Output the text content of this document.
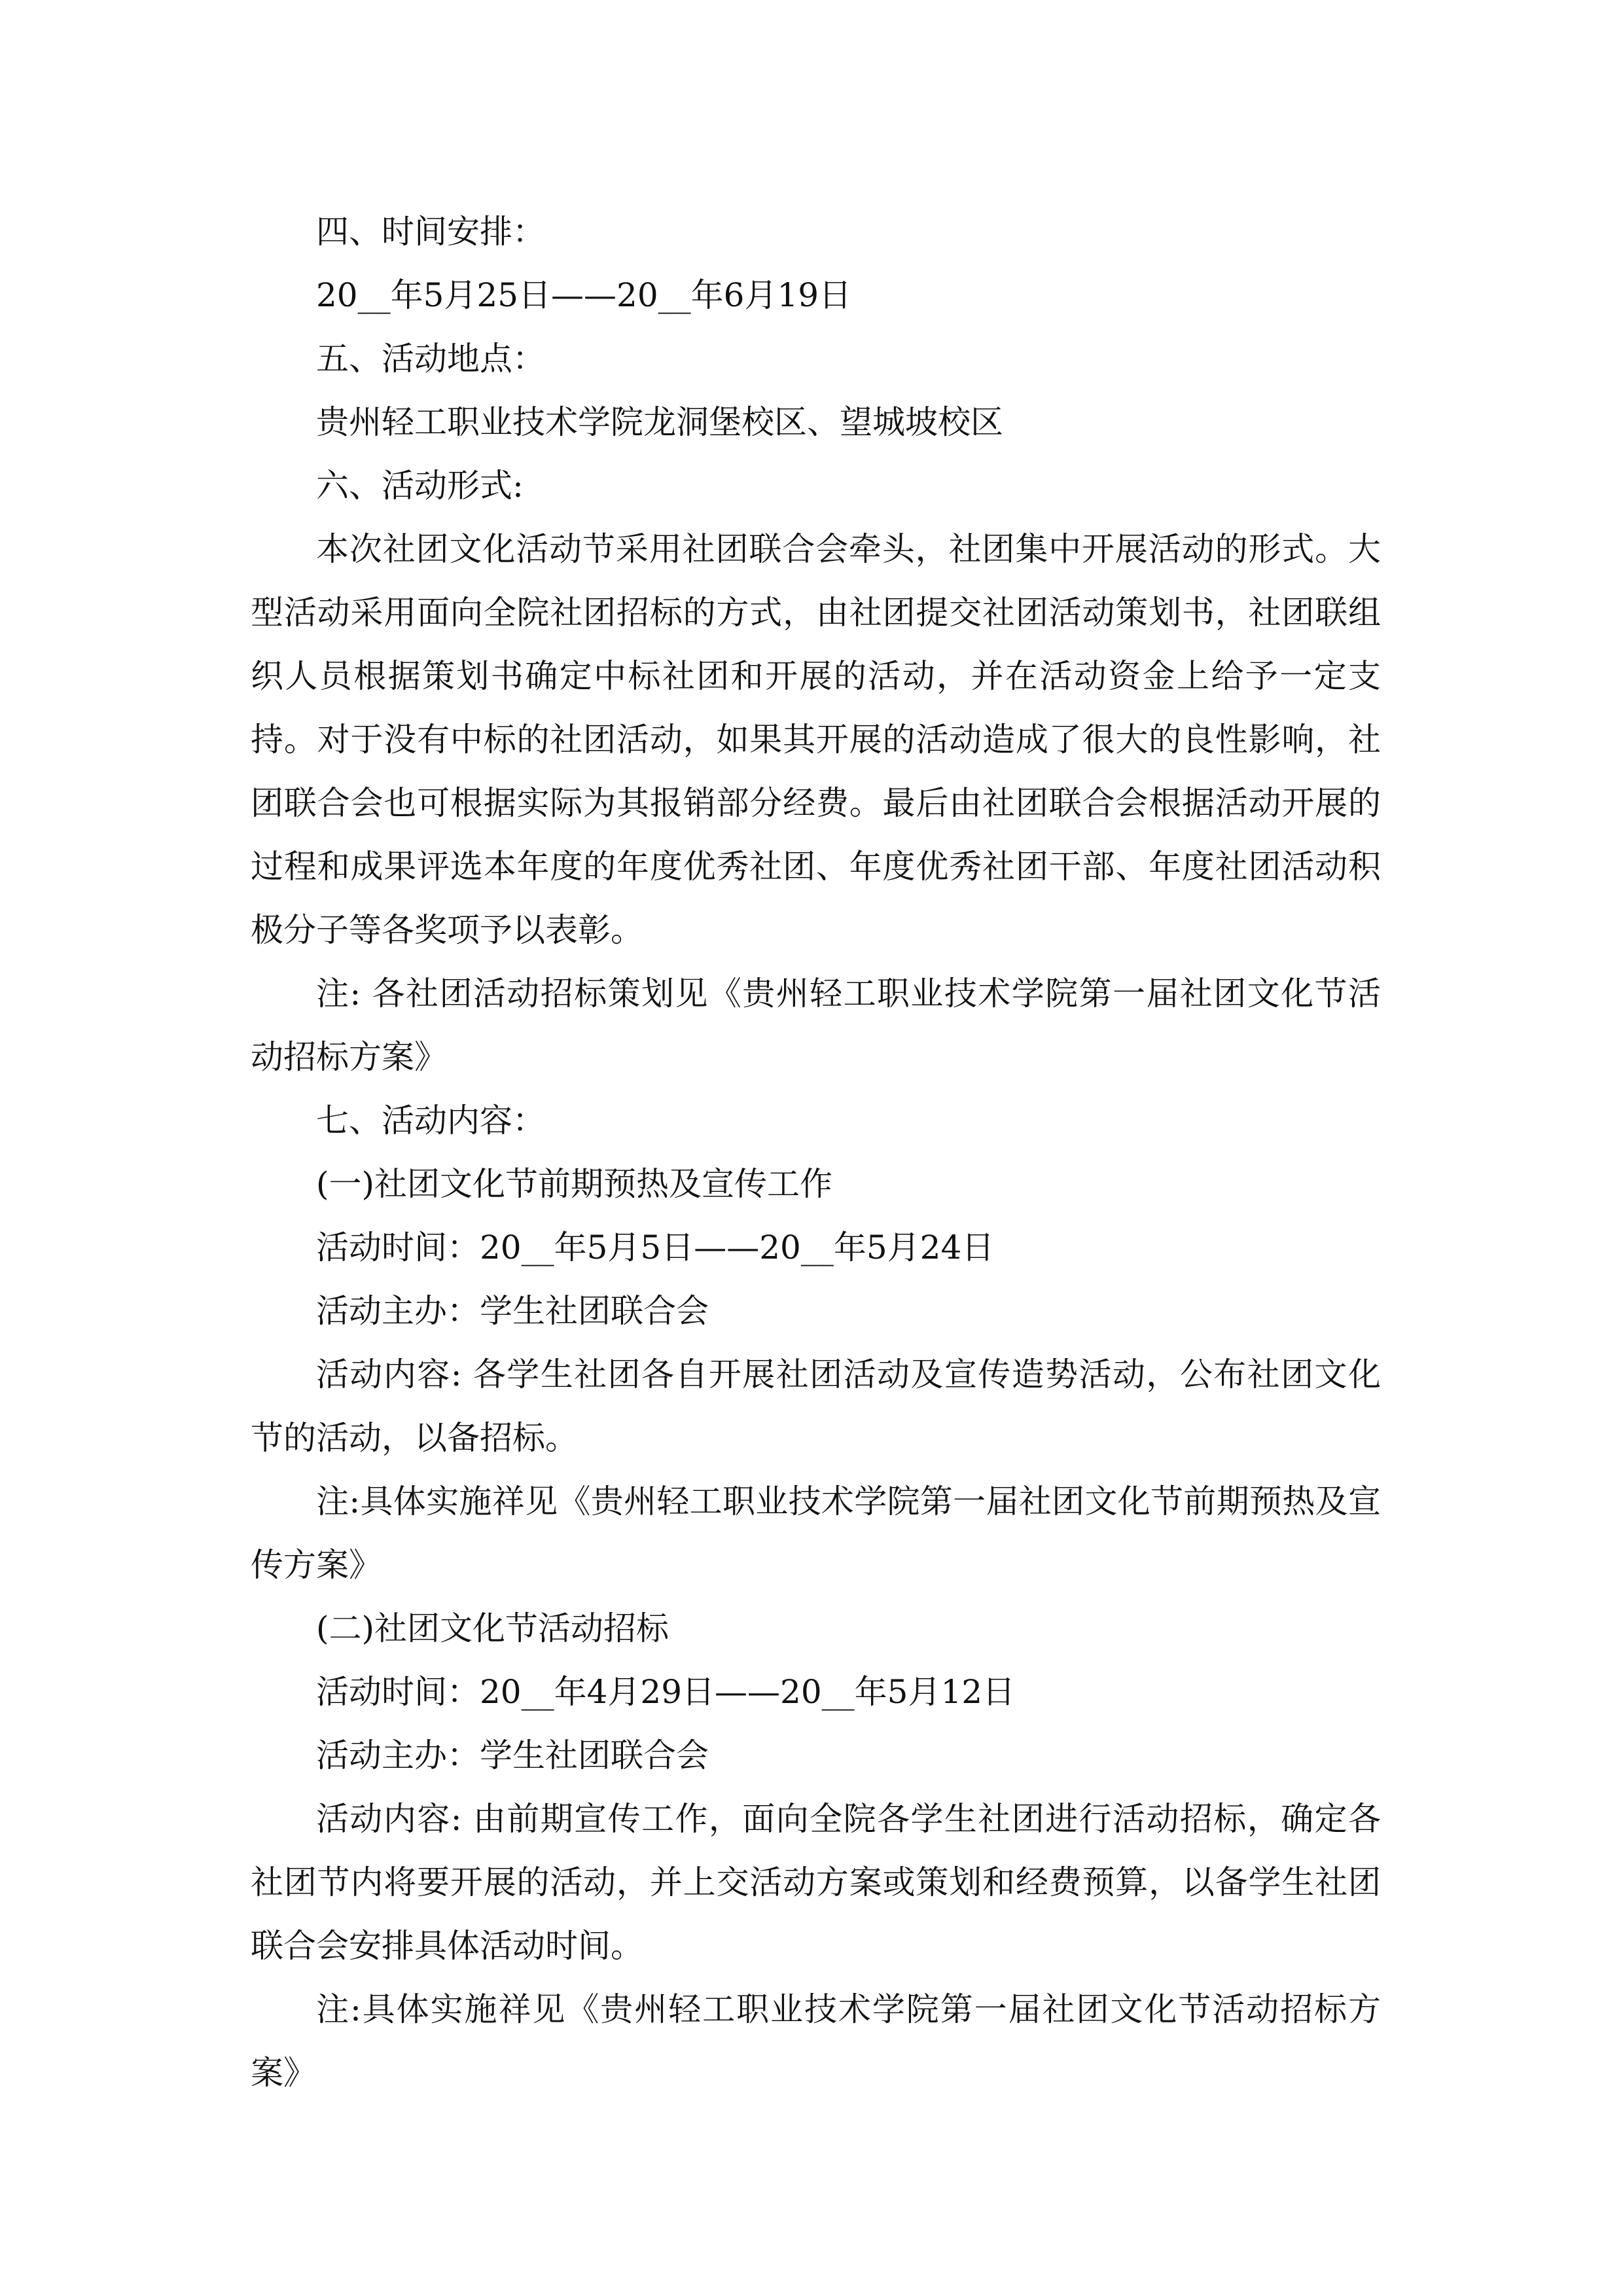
四、时间安排：

20__年5月25日——20__年6月19日

五、活动地点：

贵州轻工职业技术学院龙洞堡校区、望城坡校区

六、活动形式:

本次社团文化活动节采用社团联合会牵头，社团集中开展活动的形式。大型活动采用面向全院社团招标的方式，由社团提交社团活动策划书，社团联组织人员根据策划书确定中标社团和开展的活动，并在活动资金上给予一定支持。对于没有中标的社团活动，如果其开展的活动造成了很大的良性影响，社团联合会也可根据实际为其报销部分经费。最后由社团联合会根据活动开展的过程和成果评选本年度的年度优秀社团、年度优秀社团干部、年度社团活动积极分子等各奖项予以表彰。

注: 各社团活动招标策划见《贵州轻工职业技术学院第一届社团文化节活动招标方案》

七、活动内容：

(一)社团文化节前期预热及宣传工作

活动时间：20__年5月5日——20__年5月24日

活动主办：学生社团联合会

活动内容: 各学生社团各自开展社团活动及宣传造势活动，公布社团文化节的活动，以备招标。

注:具体实施祥见《贵州轻工职业技术学院第一届社团文化节前期预热及宣传方案》

(二)社团文化节活动招标

活动时间：20__年4月29日——20__年5月12日

活动主办：学生社团联合会

活动内容: 由前期宣传工作，面向全院各学生社团进行活动招标，确定各社团节内将要开展的活动，并上交活动方案或策划和经费预算，以备学生社团联合会安排具体活动时间。

注:具体实施祥见《贵州轻工职业技术学院第一届社团文化节活动招标方案》
